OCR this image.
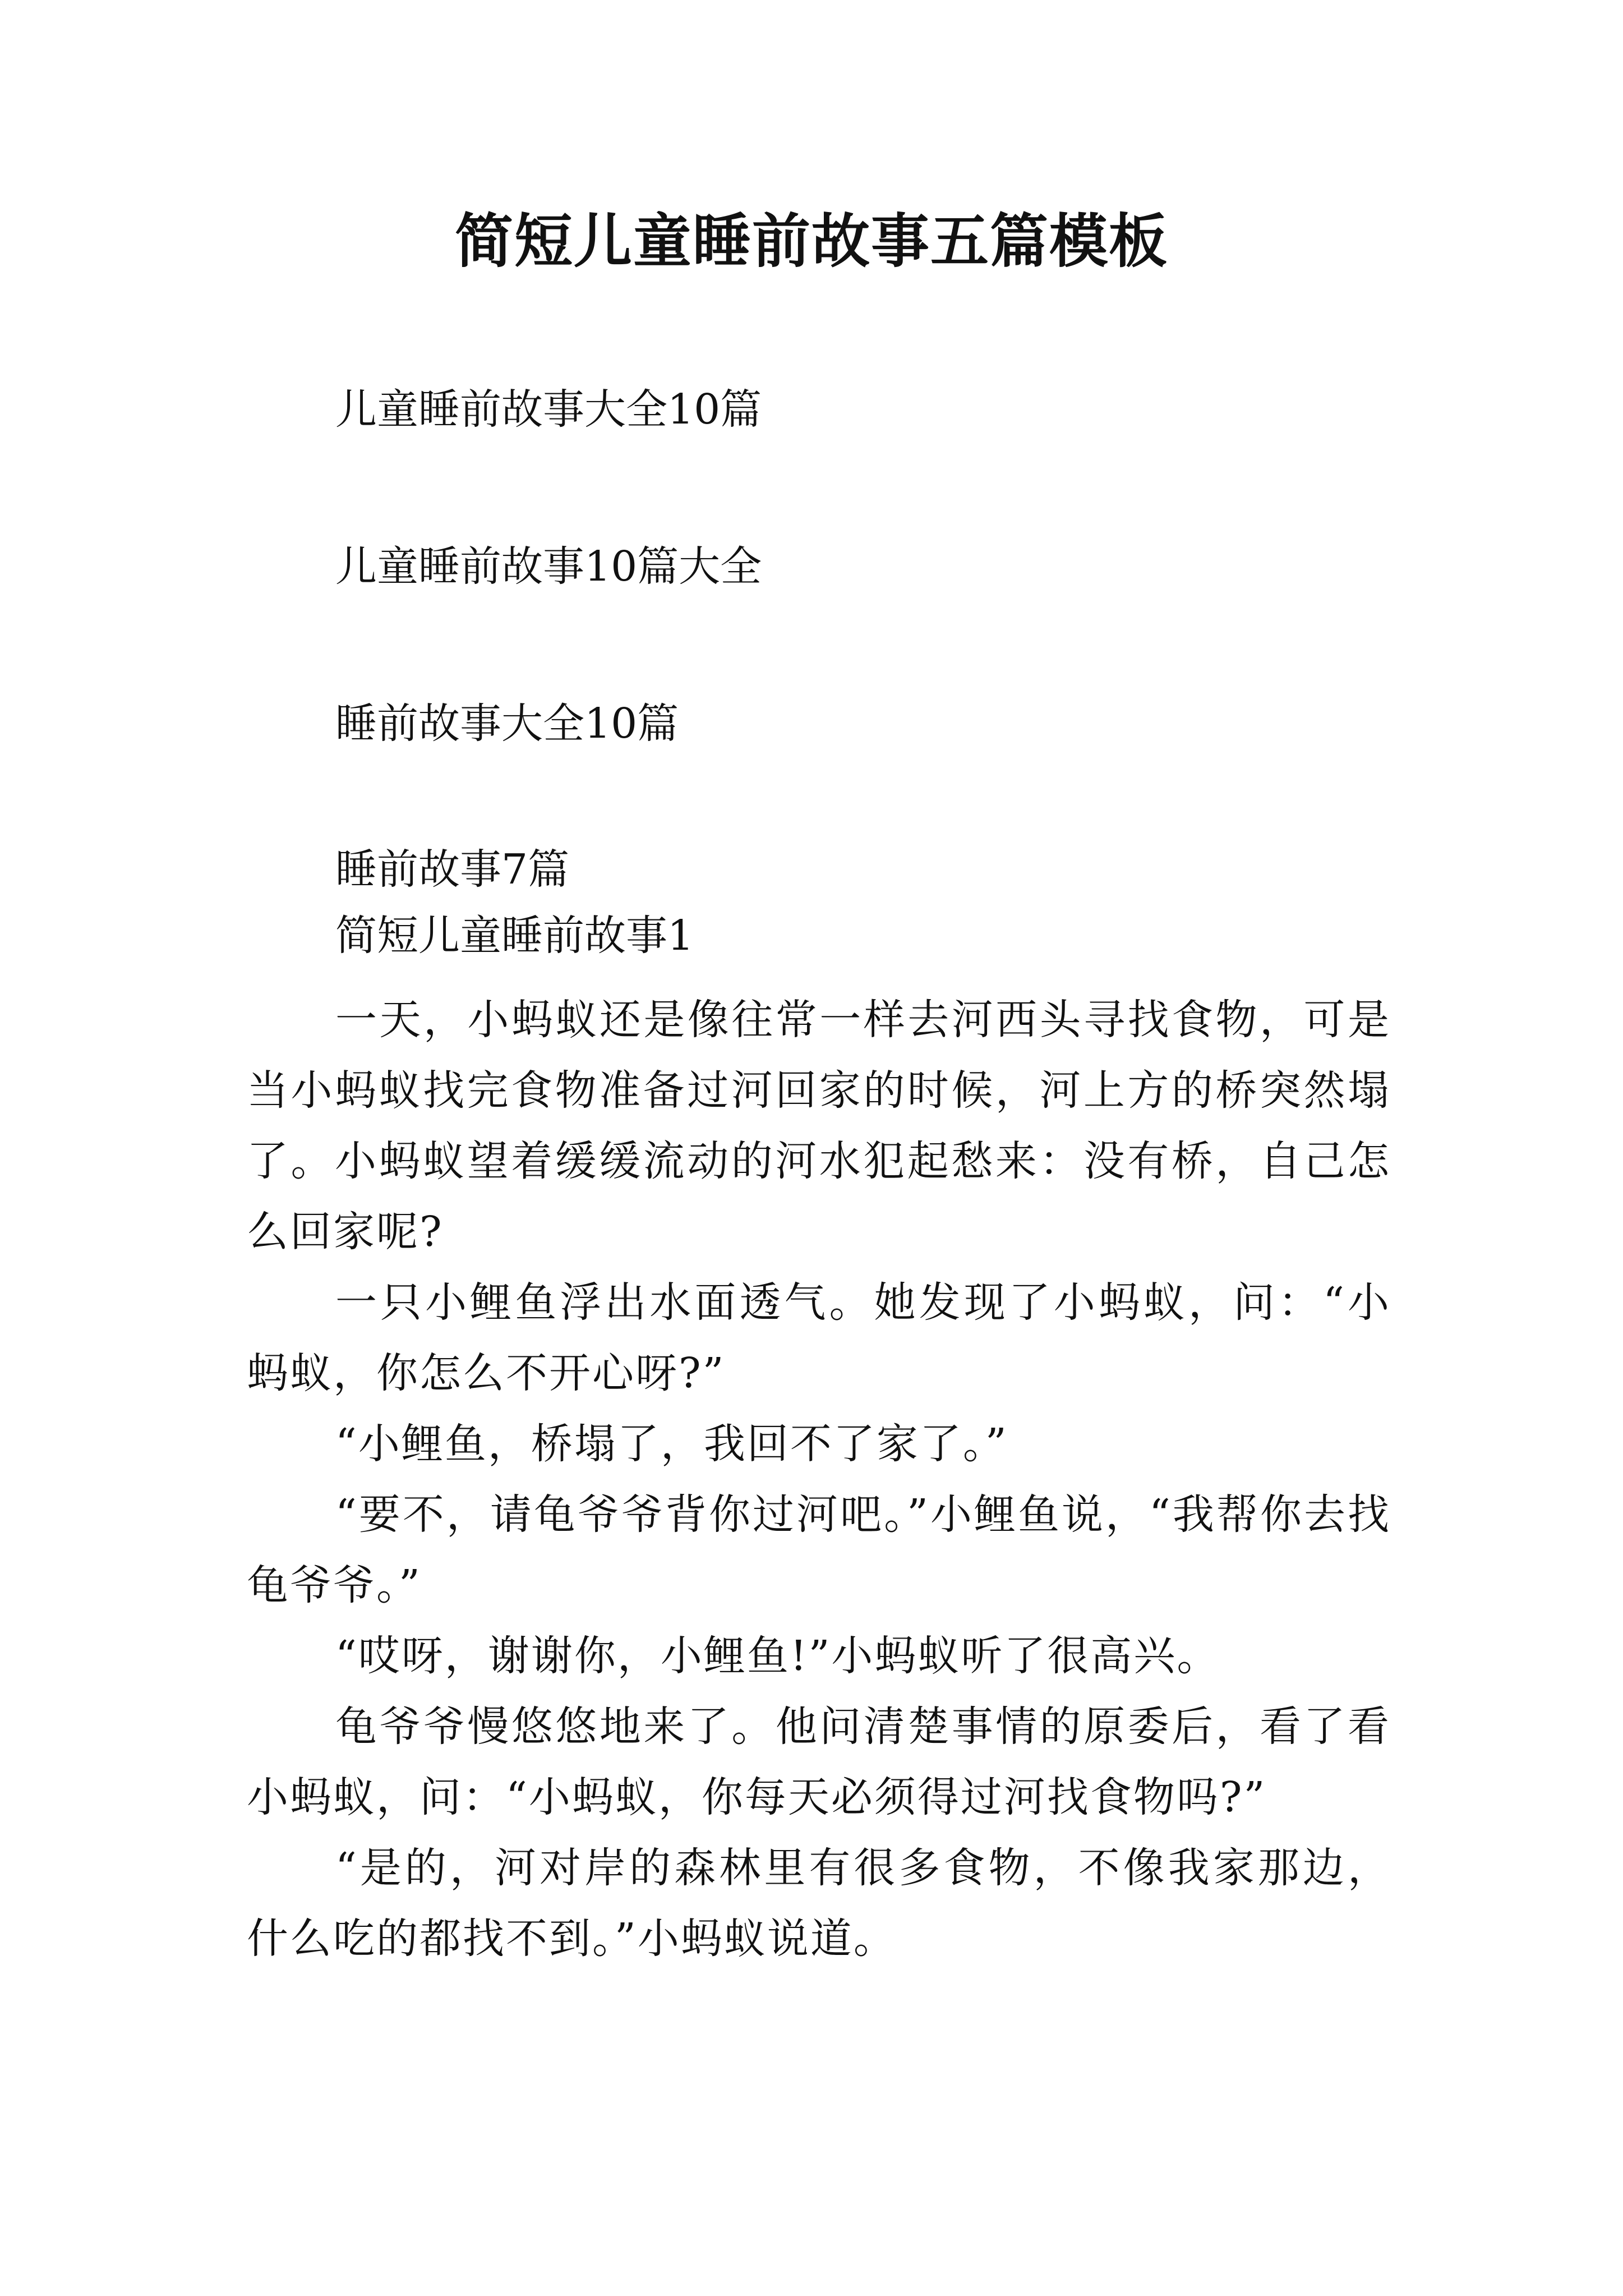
简短儿童睡前故事五篇模板
儿童睡前故事大全10篇
儿童睡前故事10篇大全
睡前故事大全10篇
睡前故事7篇
简短儿童睡前故事1

一天，小蚂蚁还是像往常一样去河西头寻找食物，可是当小蚂蚁找完食物准备过河回家的时候，河上方的桥突然塌了。小蚂蚁望着缓缓流动的河水犯起愁来：没有桥，自己怎么回家呢?

一只小鲤鱼浮出水面透气。她发现了小蚂蚁，问：“小蚂蚁，你怎么不开心呀?”

“小鲤鱼，桥塌了，我回不了家了。”

“要不，请龟爷爷背你过河吧。”小鲤鱼说，“我帮你去找龟爷爷。”

“哎呀，谢谢你，小鲤鱼!”小蚂蚁听了很高兴。

龟爷爷慢悠悠地来了。他问清楚事情的原委后，看了看小蚂蚁，问：“小蚂蚁，你每天必须得过河找食物吗?”

“是的，河对岸的森林里有很多食物，不像我家那边，什么吃的都找不到。”小蚂蚁说道。
